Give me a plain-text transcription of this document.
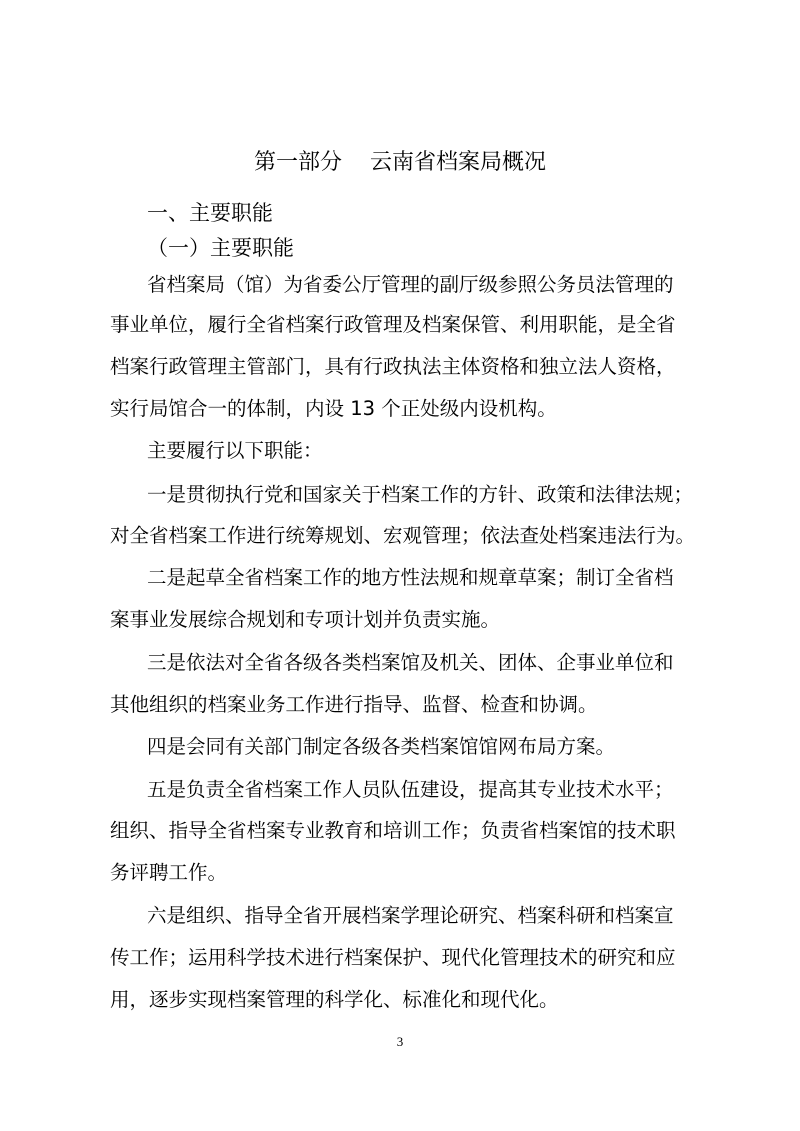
第一部分    云南省档案局概况
一、主要职能
（一）主要职能
省档案局（馆）为省委公厅管理的副厅级参照公务员法管理的
事业单位，履行全省档案行政管理及档案保管、利用职能，是全省
档案行政管理主管部门，具有行政执法主体资格和独立法人资格，
实行局馆合一的体制，内设 13 个正处级内设机构。
主要履行以下职能：
一是贯彻执行党和国家关于档案工作的方针、政策和法律法规；
对全省档案工作进行统筹规划、宏观管理；依法查处档案违法行为。
二是起草全省档案工作的地方性法规和规章草案；制订全省档
案事业发展综合规划和专项计划并负责实施。
三是依法对全省各级各类档案馆及机关、团体、企事业单位和
其他组织的档案业务工作进行指导、监督、检查和协调。
四是会同有关部门制定各级各类档案馆馆网布局方案。
五是负责全省档案工作人员队伍建设，提高其专业技术水平；
组织、指导全省档案专业教育和培训工作；负责省档案馆的技术职
务评聘工作。
六是组织、指导全省开展档案学理论研究、档案科研和档案宣
传工作；运用科学技术进行档案保护、现代化管理技术的研究和应
用，逐步实现档案管理的科学化、标准化和现代化。
3
